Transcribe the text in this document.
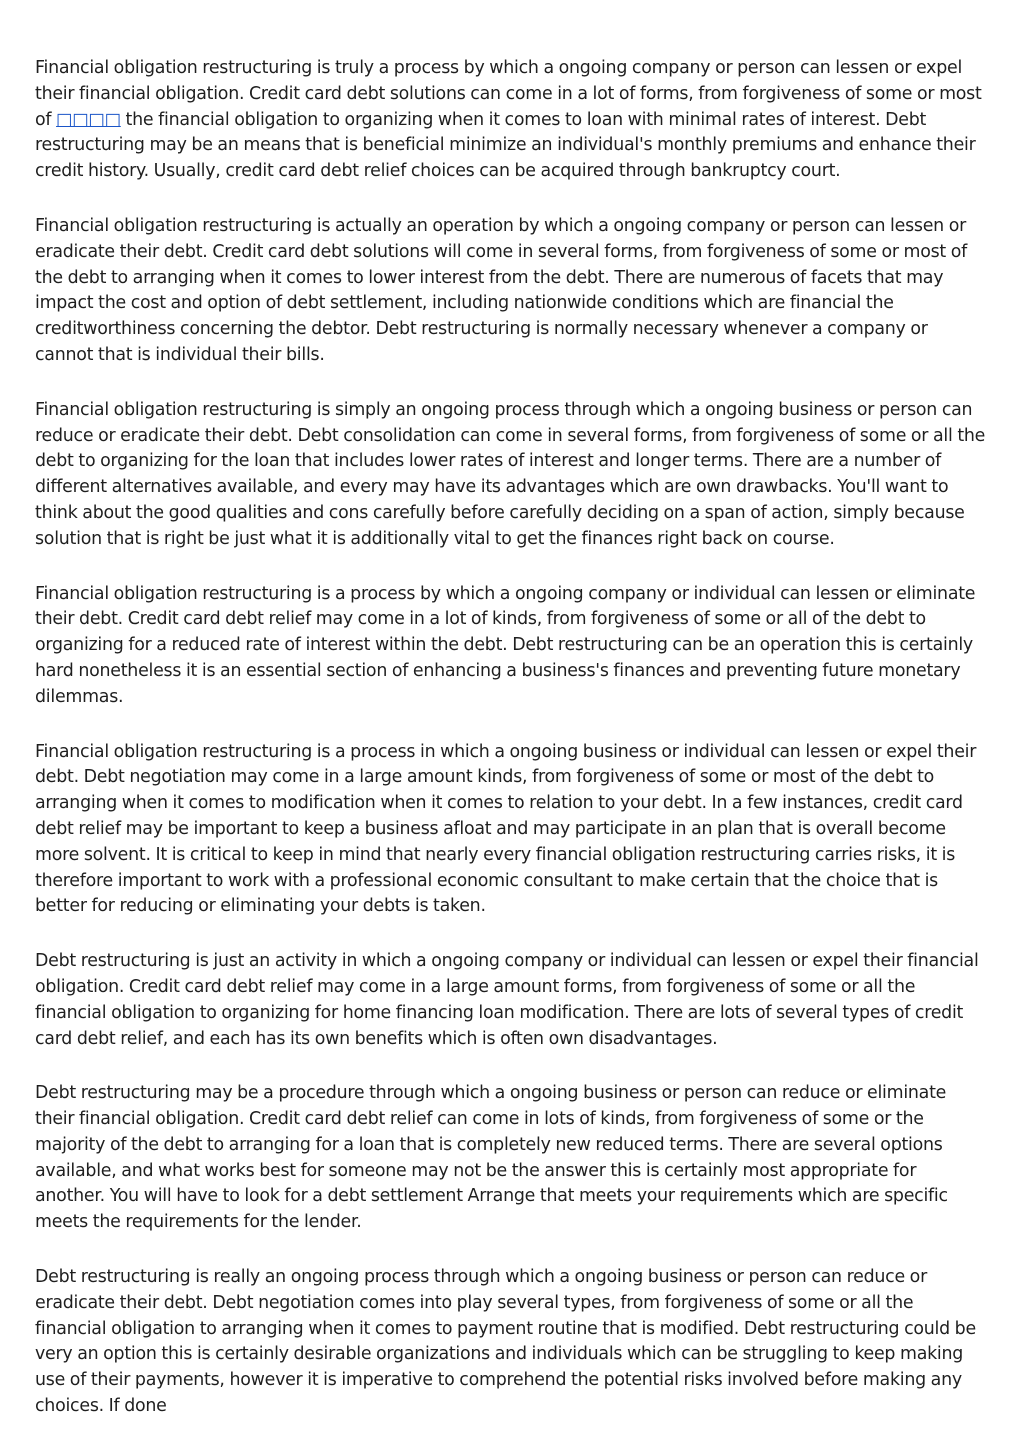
Financial obligation restructuring is truly a process by which a ongoing company or person can lessen or expel their financial obligation. Credit card debt solutions can come in a lot of forms, from forgiveness of some or most of □□□□ the financial obligation to organizing when it comes to loan with minimal rates of interest. Debt restructuring may be an means that is beneficial minimize an individual's monthly premiums and enhance their credit history. Usually, credit card debt relief choices can be acquired through bankruptcy court.

Financial obligation restructuring is actually an operation by which a ongoing company or person can lessen or eradicate their debt. Credit card debt solutions will come in several forms, from forgiveness of some or most of the debt to arranging when it comes to lower interest from the debt. There are numerous of facets that may impact the cost and option of debt settlement, including nationwide conditions which are financial the creditworthiness concerning the debtor. Debt restructuring is normally necessary whenever a company or cannot that is individual their bills.

Financial obligation restructuring is simply an ongoing process through which a ongoing business or person can reduce or eradicate their debt. Debt consolidation can come in several forms, from forgiveness of some or all the debt to organizing for the loan that includes lower rates of interest and longer terms. There are a number of different alternatives available, and every may have its advantages which are own drawbacks. You'll want to think about the good qualities and cons carefully before carefully deciding on a span of action, simply because solution that is right be just what it is additionally vital to get the finances right back on course.

Financial obligation restructuring is a process by which a ongoing company or individual can lessen or eliminate their debt. Credit card debt relief may come in a lot of kinds, from forgiveness of some or all of the debt to organizing for a reduced rate of interest within the debt. Debt restructuring can be an operation this is certainly hard nonetheless it is an essential section of enhancing a business's finances and preventing future monetary dilemmas.

Financial obligation restructuring is a process in which a ongoing business or individual can lessen or expel their debt. Debt negotiation may come in a large amount kinds, from forgiveness of some or most of the debt to arranging when it comes to modification when it comes to relation to your debt. In a few instances, credit card debt relief may be important to keep a business afloat and may participate in an plan that is overall become more solvent. It is critical to keep in mind that nearly every financial obligation restructuring carries risks, it is therefore important to work with a professional economic consultant to make certain that the choice that is better for reducing or eliminating your debts is taken.

Debt restructuring is just an activity in which a ongoing company or individual can lessen or expel their financial obligation. Credit card debt relief may come in a large amount forms, from forgiveness of some or all the financial obligation to organizing for home financing loan modification. There are lots of several types of credit card debt relief, and each has its own benefits which is often own disadvantages.

Debt restructuring may be a procedure through which a ongoing business or person can reduce or eliminate their financial obligation. Credit card debt relief can come in lots of kinds, from forgiveness of some or the majority of the debt to arranging for a loan that is completely new reduced terms. There are several options available, and what works best for someone may not be the answer this is certainly most appropriate for another. You will have to look for a debt settlement Arrange that meets your requirements which are specific meets the requirements for the lender.

Debt restructuring is really an ongoing process through which a ongoing business or person can reduce or eradicate their debt. Debt negotiation comes into play several types, from forgiveness of some or all the financial obligation to arranging when it comes to payment routine that is modified. Debt restructuring could be very an option this is certainly desirable organizations and individuals which can be struggling to keep making use of their payments, however it is imperative to comprehend the potential risks involved before making any choices. If done
